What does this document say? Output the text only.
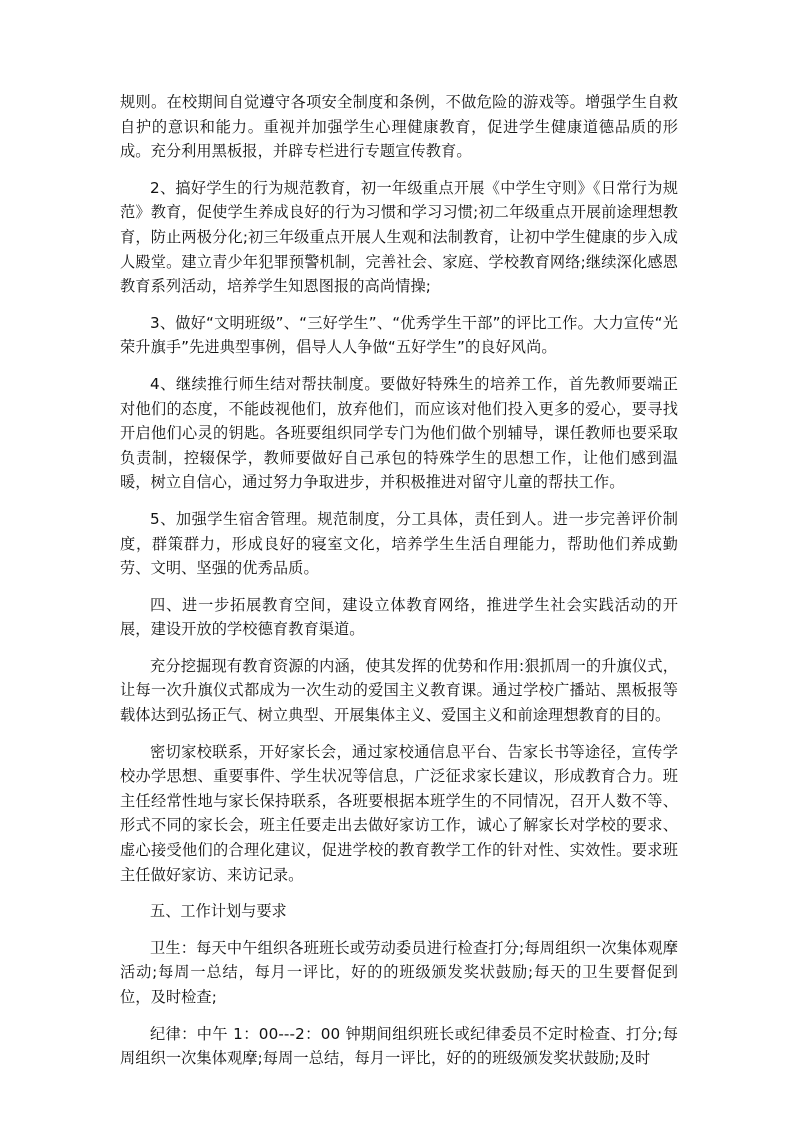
规则。在校期间自觉遵守各项安全制度和条例，不做危险的游戏等。增强学生自救自护的意识和能力。重视并加强学生心理健康教育，促进学生健康道德品质的形成。充分利用黑板报，并辟专栏进行专题宣传教育。

2、搞好学生的行为规范教育，初一年级重点开展《中学生守则》《日常行为规范》教育，促使学生养成良好的行为习惯和学习习惯;初二年级重点开展前途理想教育，防止两极分化;初三年级重点开展人生观和法制教育，让初中学生健康的步入成人殿堂。建立青少年犯罪预警机制，完善社会、家庭、学校教育网络;继续深化感恩教育系列活动，培养学生知恩图报的高尚情操;

3、做好“文明班级”、“三好学生”、“优秀学生干部”的评比工作。大力宣传“光荣升旗手”先进典型事例，倡导人人争做“五好学生”的良好风尚。

4、继续推行师生结对帮扶制度。要做好特殊生的培养工作，首先教师要端正对他们的态度，不能歧视他们，放弃他们，而应该对他们投入更多的爱心，要寻找开启他们心灵的钥匙。各班要组织同学专门为他们做个别辅导，课任教师也要采取负责制，控辍保学，教师要做好自己承包的特殊学生的思想工作，让他们感到温暖，树立自信心，通过努力争取进步，并积极推进对留守儿童的帮扶工作。

5、加强学生宿舍管理。规范制度，分工具体，责任到人。进一步完善评价制度，群策群力，形成良好的寝室文化，培养学生生活自理能力，帮助他们养成勤劳、文明、坚强的优秀品质。

四、进一步拓展教育空间，建设立体教育网络，推进学生社会实践活动的开展，建设开放的学校德育教育渠道。

充分挖掘现有教育资源的内涵，使其发挥的优势和作用:狠抓周一的升旗仪式，让每一次升旗仪式都成为一次生动的爱国主义教育课。通过学校广播站、黑板报等载体达到弘扬正气、树立典型、开展集体主义、爱国主义和前途理想教育的目的。

密切家校联系，开好家长会，通过家校通信息平台、告家长书等途径，宣传学校办学思想、重要事件、学生状况等信息，广泛征求家长建议，形成教育合力。班主任经常性地与家长保持联系，各班要根据本班学生的不同情况，召开人数不等、形式不同的家长会，班主任要走出去做好家访工作，诚心了解家长对学校的要求、虚心接受他们的合理化建议，促进学校的教育教学工作的针对性、实效性。要求班主任做好家访、来访记录。

五、工作计划与要求

卫生：每天中午组织各班班长或劳动委员进行检查打分;每周组织一次集体观摩活动;每周一总结，每月一评比，好的的班级颁发奖状鼓励;每天的卫生要督促到位，及时检查;

纪律：中午 1：00---2：00 钟期间组织班长或纪律委员不定时检查、打分;每周组织一次集体观摩;每周一总结，每月一评比，好的的班级颁发奖状鼓励;及时
